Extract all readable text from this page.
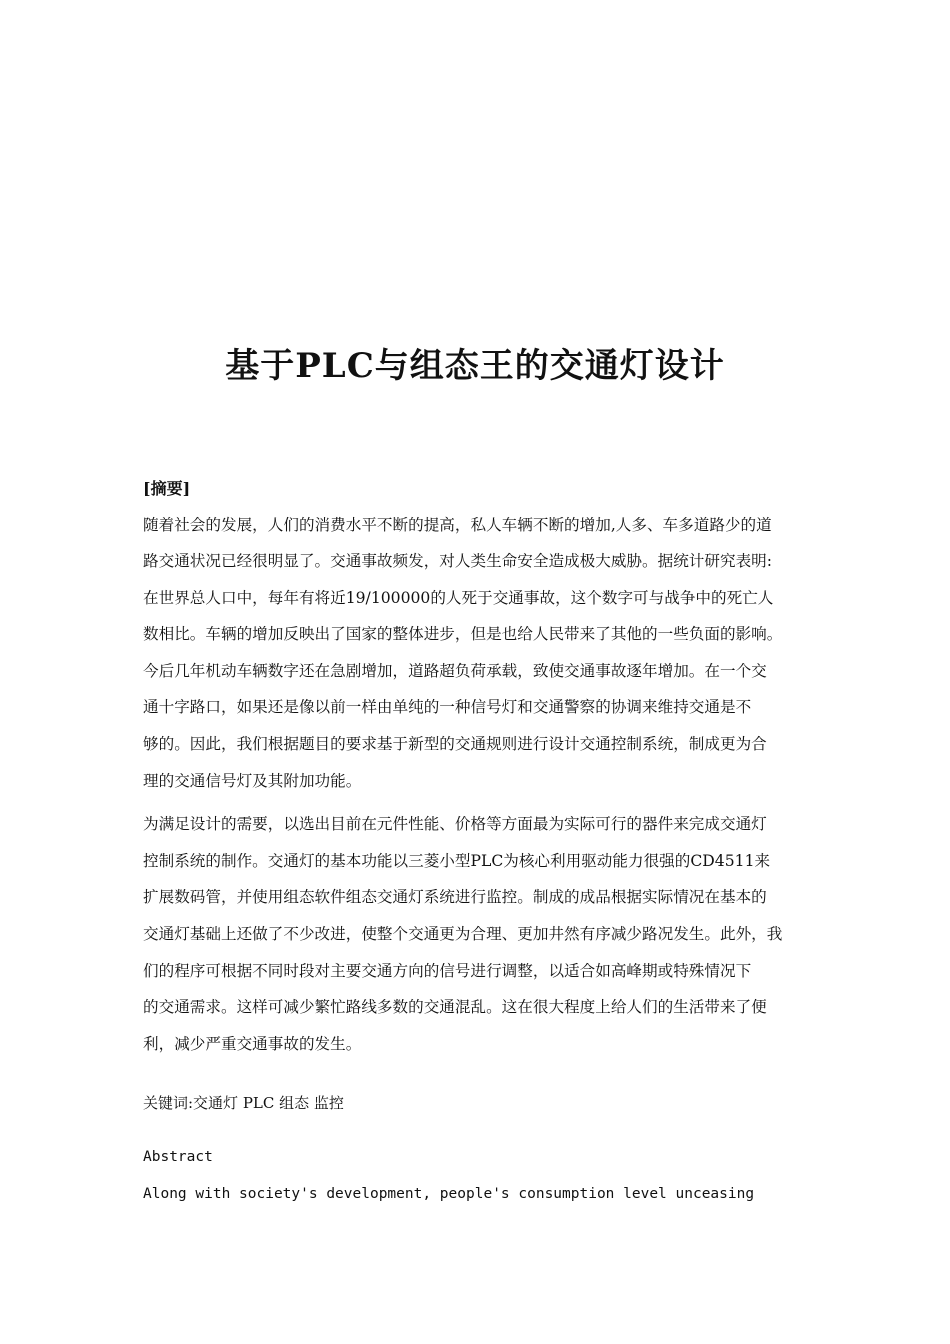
基于PLC与组态王的交通灯设计
[摘要]
随着社会的发展，人们的消费水平不断的提高，私人车辆不断的增加,人多、车多道路少的道
路交通状况已经很明显了。交通事故频发，对人类生命安全造成极大威胁。据统计研究表明:
在世界总人口中，每年有将近19/100000的人死于交通事故，这个数字可与战争中的死亡人
数相比。车辆的增加反映出了国家的整体进步，但是也给人民带来了其他的一些负面的影响。
今后几年机动车辆数字还在急剧增加，道路超负荷承载，致使交通事故逐年增加。在一个交
通十字路口，如果还是像以前一样由单纯的一种信号灯和交通警察的协调来维持交通是不
够的。因此，我们根据题目的要求基于新型的交通规则进行设计交通控制系统，制成更为合
理的交通信号灯及其附加功能。
为满足设计的需要，以选出目前在元件性能、价格等方面最为实际可行的器件来完成交通灯
控制系统的制作。交通灯的基本功能以三菱小型PLC为核心利用驱动能力很强的CD4511来
扩展数码管，并使用组态软件组态交通灯系统进行监控。制成的成品根据实际情况在基本的
交通灯基础上还做了不少改进，使整个交通更为合理、更加井然有序减少路况发生。此外，我
们的程序可根据不同时段对主要交通方向的信号进行调整，以适合如高峰期或特殊情况下
的交通需求。这样可减少繁忙路线多数的交通混乱。这在很大程度上给人们的生活带来了便
利，减少严重交通事故的发生。
关键词:交通灯 PLC 组态 监控
Abstract
Along with society's development, people's consumption level unceasing
